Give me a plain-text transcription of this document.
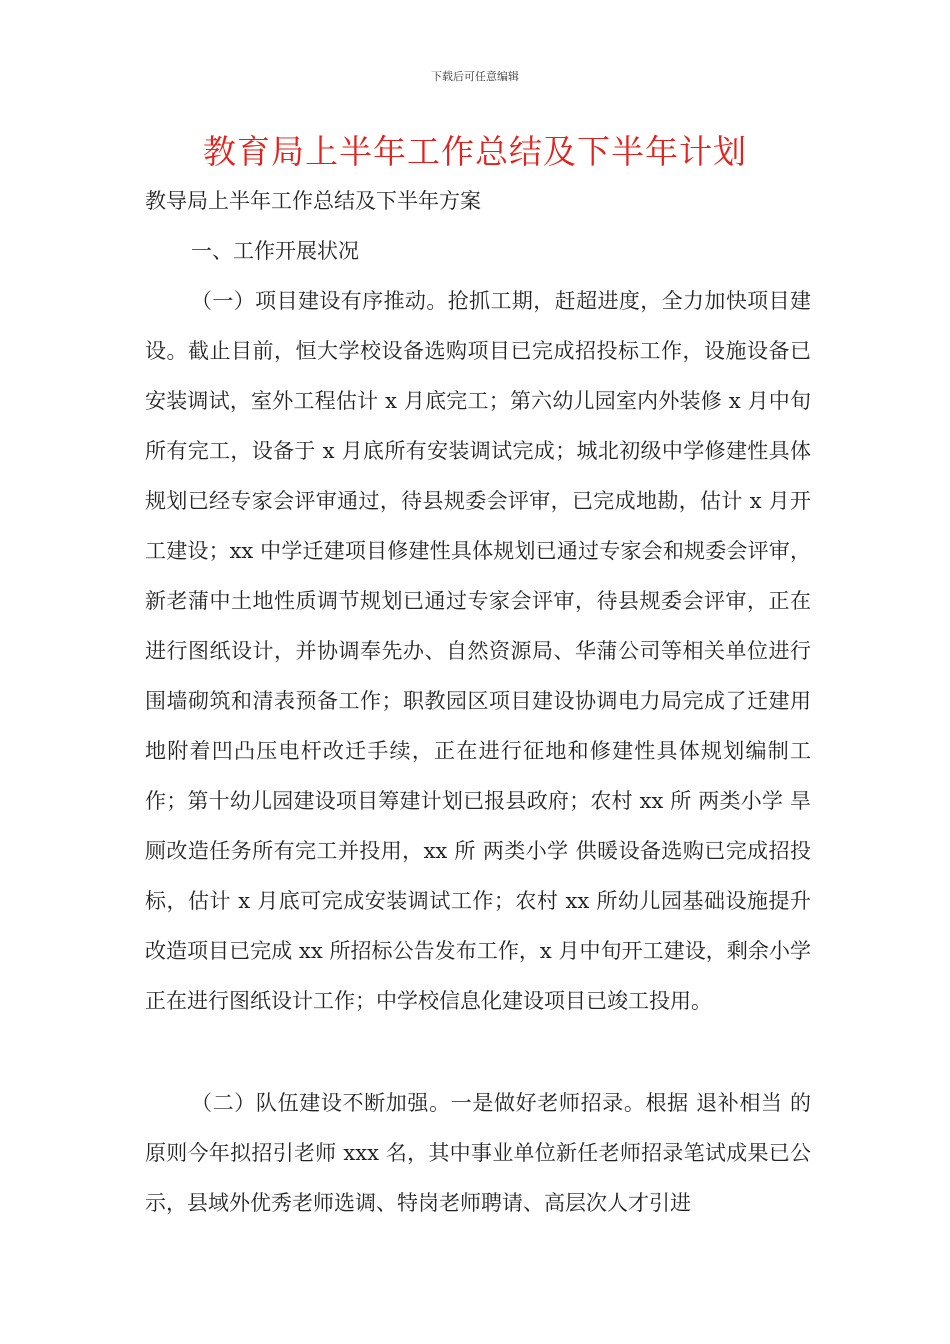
下载后可任意编辑
教育局上半年工作总结及下半年计划
教导局上半年工作总结及下半年方案
一、工作开展状况
（一）项目建设有序推动。抢抓工期，赶超进度，全力加快项目建设。截止目前，恒大学校设备选购项目已完成招投标工作，设施设备已安装调试，室外工程估计 x 月底完工；第六幼儿园室内外装修 x 月中旬所有完工，设备于 x 月底所有安装调试完成；城北初级中学修建性具体规划已经专家会评审通过，待县规委会评审，已完成地勘，估计 x 月开工建设；xx 中学迁建项目修建性具体规划已通过专家会和规委会评审，新老蒲中土地性质调节规划已通过专家会评审，待县规委会评审，正在进行图纸设计，并协调奉先办、自然资源局、华蒲公司等相关单位进行围墙砌筑和清表预备工作；职教园区项目建设协调电力局完成了迁建用地附着凹凸压电杆改迁手续，正在进行征地和修建性具体规划编制工作；第十幼儿园建设项目筹建计划已报县政府；农村 xx 所 两类小学 旱厕改造任务所有完工并投用，xx 所 两类小学 供暖设备选购已完成招投标，估计 x 月底可完成安装调试工作；农村 xx 所幼儿园基础设施提升改造项目已完成 xx 所招标公告发布工作，x 月中旬开工建设，剩余小学正在进行图纸设计工作；中学校信息化建设项目已竣工投用。
（二）队伍建设不断加强。一是做好老师招录。根据 退补相当 的原则今年拟招引老师 xxx 名，其中事业单位新任老师招录笔试成果已公示，县域外优秀老师选调、特岗老师聘请、高层次人才引进
